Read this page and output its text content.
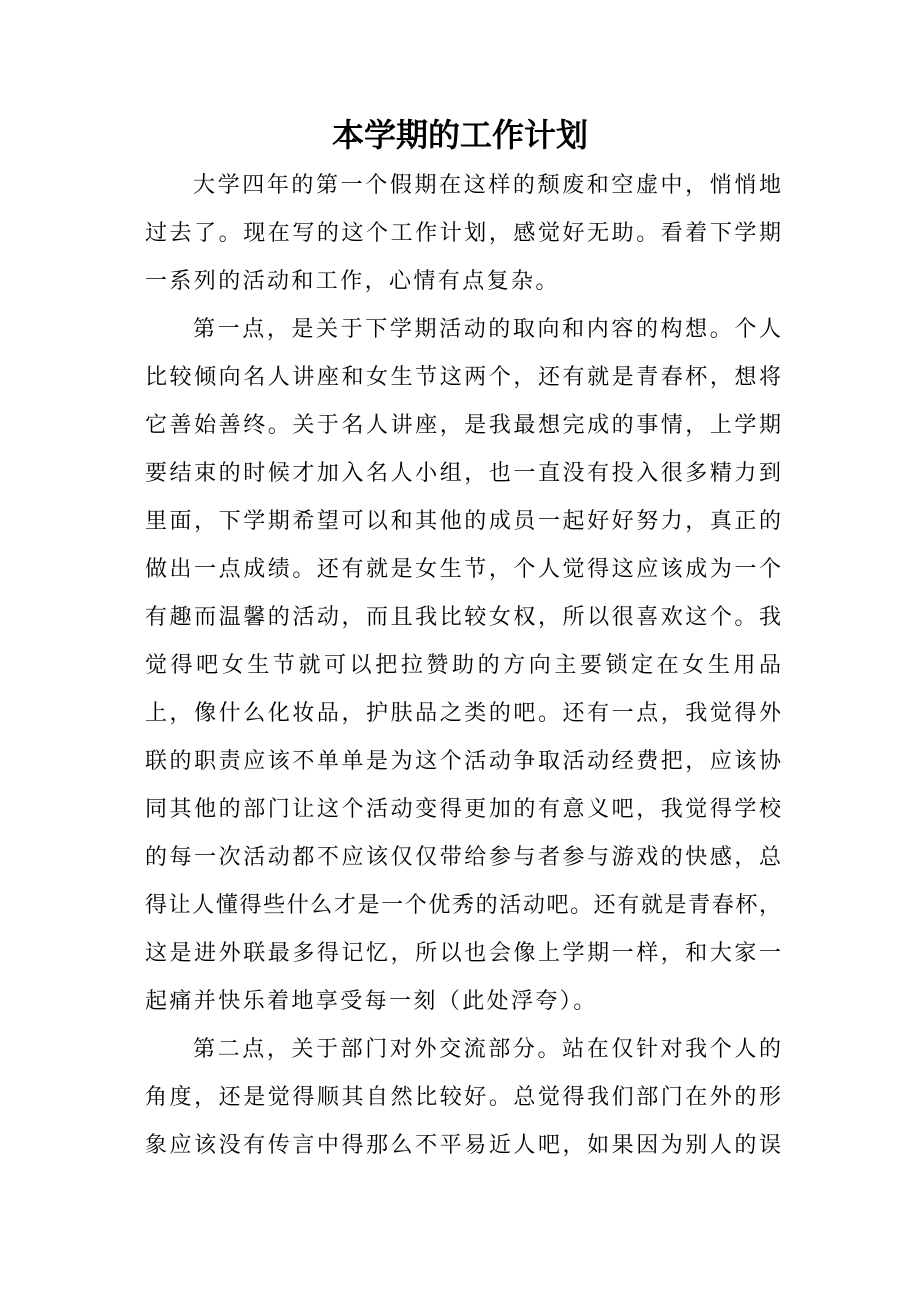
本学期的工作计划
大学四年的第一个假期在这样的颓废和空虚中，悄悄地
过去了。现在写的这个工作计划，感觉好无助。看着下学期
一系列的活动和工作，心情有点复杂。
第一点，是关于下学期活动的取向和内容的构想。个人
比较倾向名人讲座和女生节这两个，还有就是青春杯，想将
它善始善终。关于名人讲座，是我最想完成的事情，上学期
要结束的时候才加入名人小组，也一直没有投入很多精力到
里面，下学期希望可以和其他的成员一起好好努力，真正的
做出一点成绩。还有就是女生节，个人觉得这应该成为一个
有趣而温馨的活动，而且我比较女权，所以很喜欢这个。我
觉得吧女生节就可以把拉赞助的方向主要锁定在女生用品
上，像什么化妆品，护肤品之类的吧。还有一点，我觉得外
联的职责应该不单单是为这个活动争取活动经费把，应该协
同其他的部门让这个活动变得更加的有意义吧，我觉得学校
的每一次活动都不应该仅仅带给参与者参与游戏的快感，总
得让人懂得些什么才是一个优秀的活动吧。还有就是青春杯，
这是进外联最多得记忆，所以也会像上学期一样，和大家一
起痛并快乐着地享受每一刻（此处浮夸）。
第二点，关于部门对外交流部分。站在仅针对我个人的
角度，还是觉得顺其自然比较好。总觉得我们部门在外的形
象应该没有传言中得那么不平易近人吧，如果因为别人的误
